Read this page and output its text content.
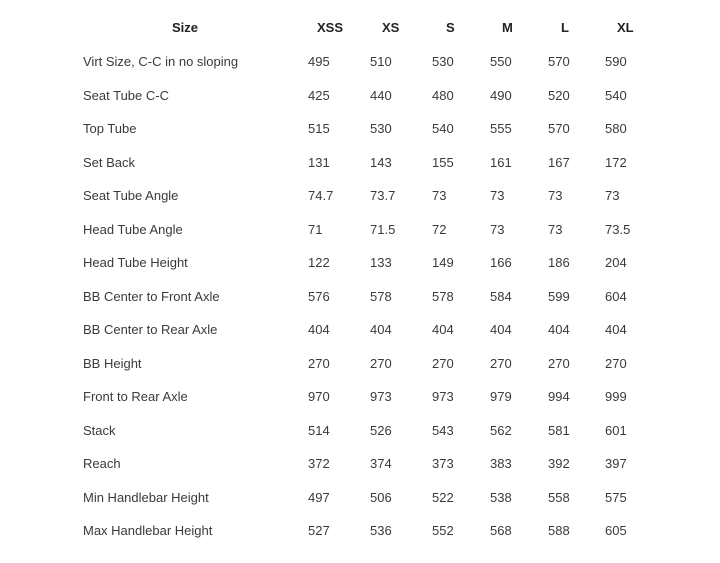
Size	XSS	XS	S	M	L	XL
Virt Size, C-C in no sloping	495	510	530	550	570	590
Seat Tube C-C	425	440	480	490	520	540
Top Tube	515	530	540	555	570	580
Set Back	131	143	155	161	167	172
Seat Tube Angle	74.7	73.7	73	73	73	73
Head Tube Angle	71	71.5	72	73	73	73.5
Head Tube Height	122	133	149	166	186	204
BB Center to Front Axle	576	578	578	584	599	604
BB Center to Rear Axle	404	404	404	404	404	404
BB Height	270	270	270	270	270	270
Front to Rear Axle	970	973	973	979	994	999
Stack	514	526	543	562	581	601
Reach	372	374	373	383	392	397
Min Handlebar Height	497	506	522	538	558	575
Max Handlebar Height	527	536	552	568	588	605
